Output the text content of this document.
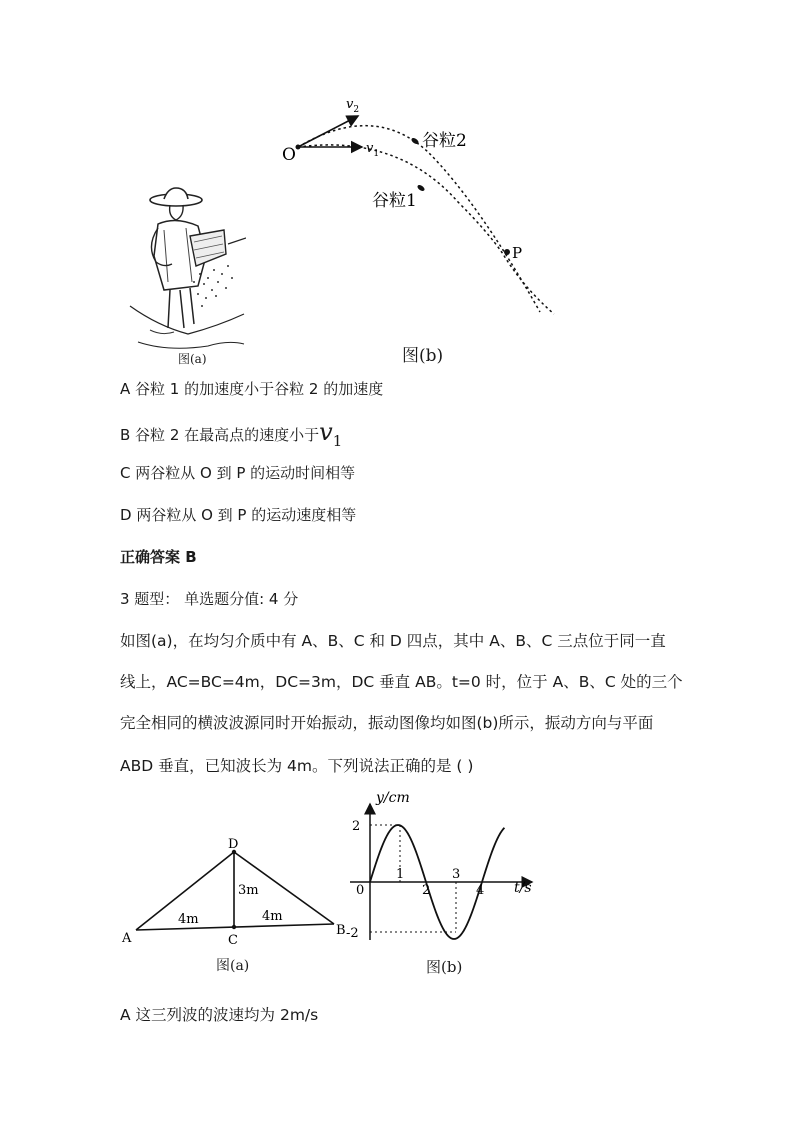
图(a)
O
$v_2$
$v_1$
谷粒2
谷粒1
P
图(b)
A 谷粒 1 的加速度小于谷粒 2 的加速度
B 谷粒 2 在最高点的速度小于$v_1$
C 两谷粒从 O 到 P 的运动时间相等
D 两谷粒从 O 到 P 的运动速度相等
正确答案 B
3 题型： 单选题分值: 4 分
如图(a)，在均匀介质中有 A、B、C 和 D 四点，其中 A、B、C 三点位于同一直
线上，AC=BC=4m，DC=3m，DC 垂直 AB。t=0 时，位于 A、B、C 处的三个
完全相同的横波波源同时开始振动，振动图像均如图(b)所示，振动方向与平面
ABD 垂直，已知波长为 4m。下列说法正确的是 ( )
D
A
B
C
3m
4m	4m
图(a)
y/cm
t/s
0
2
-2
1
2
3
4
图(b)
A 这三列波的波速均为 2m/s
